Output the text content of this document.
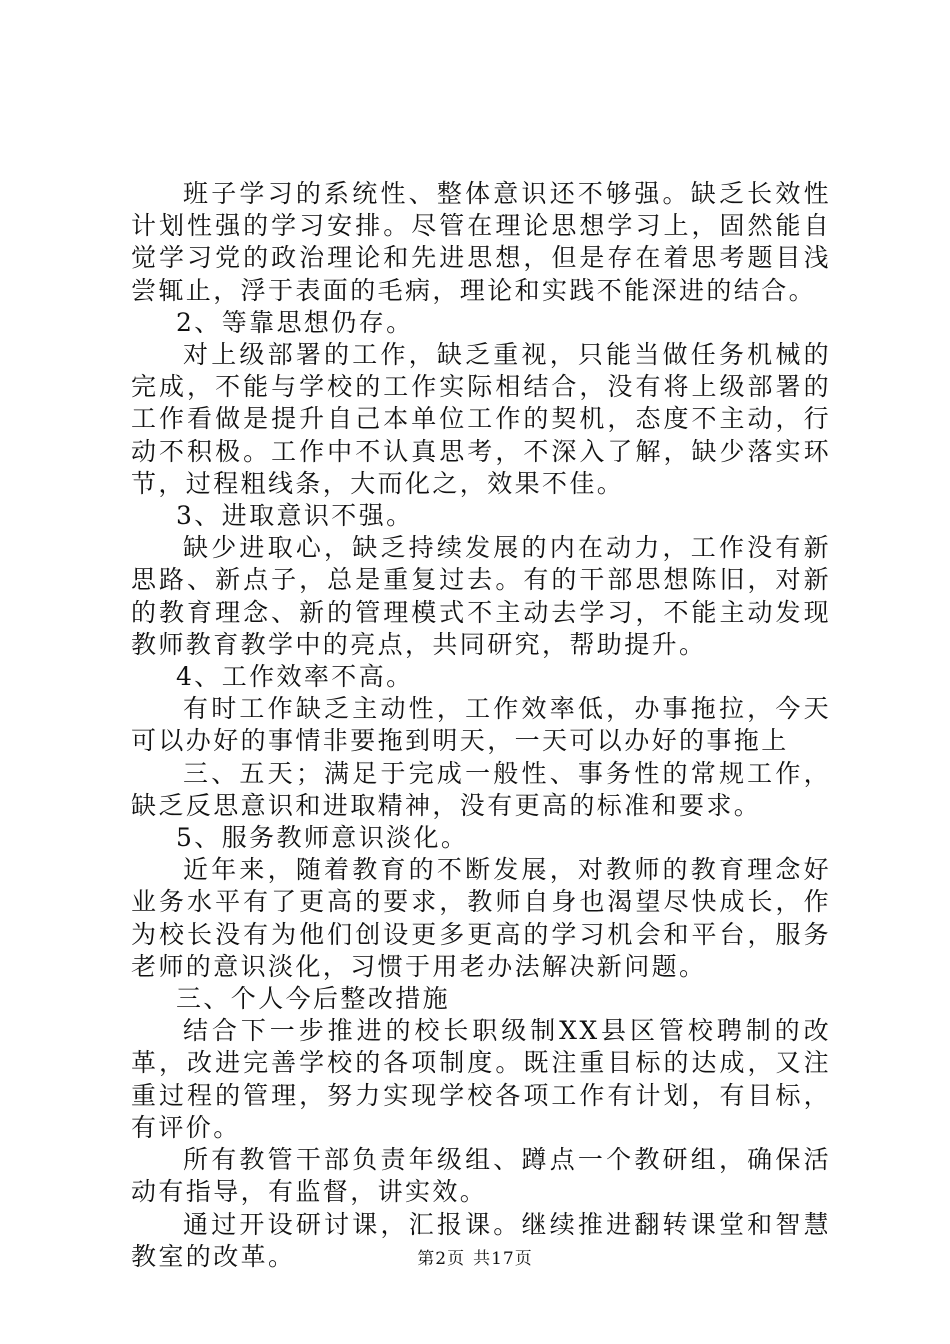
班子学习的系统性、整体意识还不够强。缺乏长效性计划性强的学习安排。尽管在理论思想学习上，固然能自觉学习党的政治理论和先进思想，但是存在着思考题目浅尝辄止，浮于表面的毛病，理论和实践不能深进的结合。

2、等靠思想仍存。

对上级部署的工作，缺乏重视，只能当做任务机械的完成，不能与学校的工作实际相结合，没有将上级部署的工作看做是提升自己本单位工作的契机，态度不主动，行动不积极。工作中不认真思考，不深入了解，缺少落实环节，过程粗线条，大而化之，效果不佳。

3、进取意识不强。

缺少进取心，缺乏持续发展的内在动力，工作没有新思路、新点子，总是重复过去。有的干部思想陈旧，对新的教育理念、新的管理模式不主动去学习，不能主动发现教师教育教学中的亮点，共同研究，帮助提升。

4、工作效率不高。

有时工作缺乏主动性，工作效率低，办事拖拉，今天可以办好的事情非要拖到明天，一天可以办好的事拖上

三、五天；满足于完成一般性、事务性的常规工作，缺乏反思意识和进取精神，没有更高的标准和要求。

5、服务教师意识淡化。

近年来，随着教育的不断发展，对教师的教育理念好业务水平有了更高的要求，教师自身也渴望尽快成长，作为校长没有为他们创设更多更高的学习机会和平台，服务老师的意识淡化，习惯于用老办法解决新问题。

三、个人今后整改措施

结合下一步推进的校长职级制XX县区管校聘制的改革，改进完善学校的各项制度。既注重目标的达成，又注重过程的管理，努力实现学校各项工作有计划，有目标，有评价。

所有教管干部负责年级组、蹲点一个教研组，确保活动有指导，有监督，讲实效。

通过开设研讨课，汇报课。继续推进翻转课堂和智慧教室的改革。	第2页 共17页
